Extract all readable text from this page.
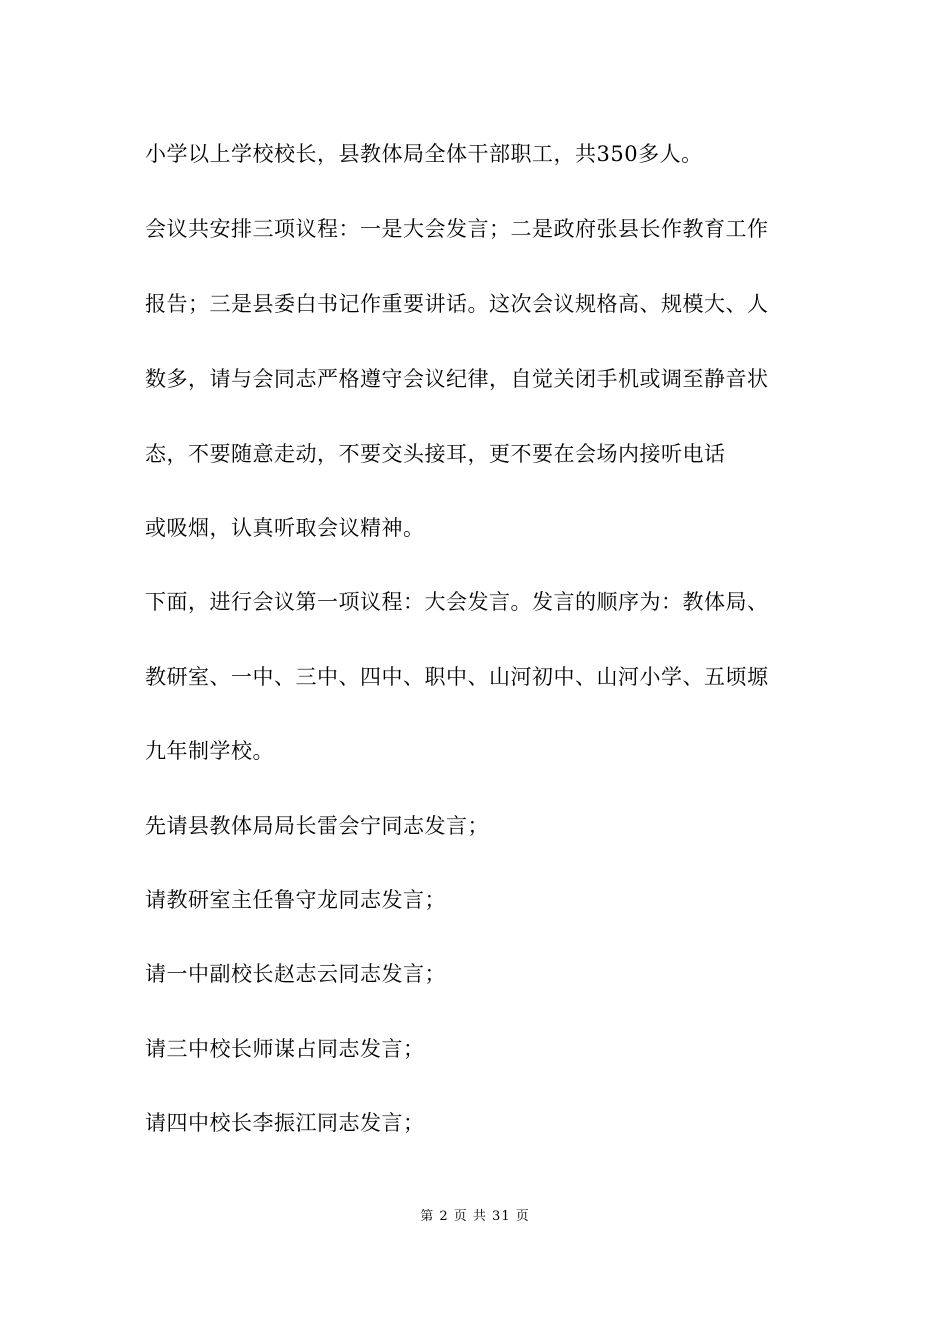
小学以上学校校长，县教体局全体干部职工，共350多人。
会议共安排三项议程：一是大会发言；二是政府张县长作教育工作
报告；三是县委白书记作重要讲话。这次会议规格高、规模大、人
数多，请与会同志严格遵守会议纪律，自觉关闭手机或调至静音状
态，不要随意走动，不要交头接耳，更不要在会场内接听电话
或吸烟，认真听取会议精神。
下面，进行会议第一项议程：大会发言。发言的顺序为：教体局、
教研室、一中、三中、四中、职中、山河初中、山河小学、五顷塬
九年制学校。
先请县教体局局长雷会宁同志发言；
请教研室主任鲁守龙同志发言；
请一中副校长赵志云同志发言；
请三中校长师谋占同志发言；
请四中校长李振江同志发言；
第 2 页 共 31 页
